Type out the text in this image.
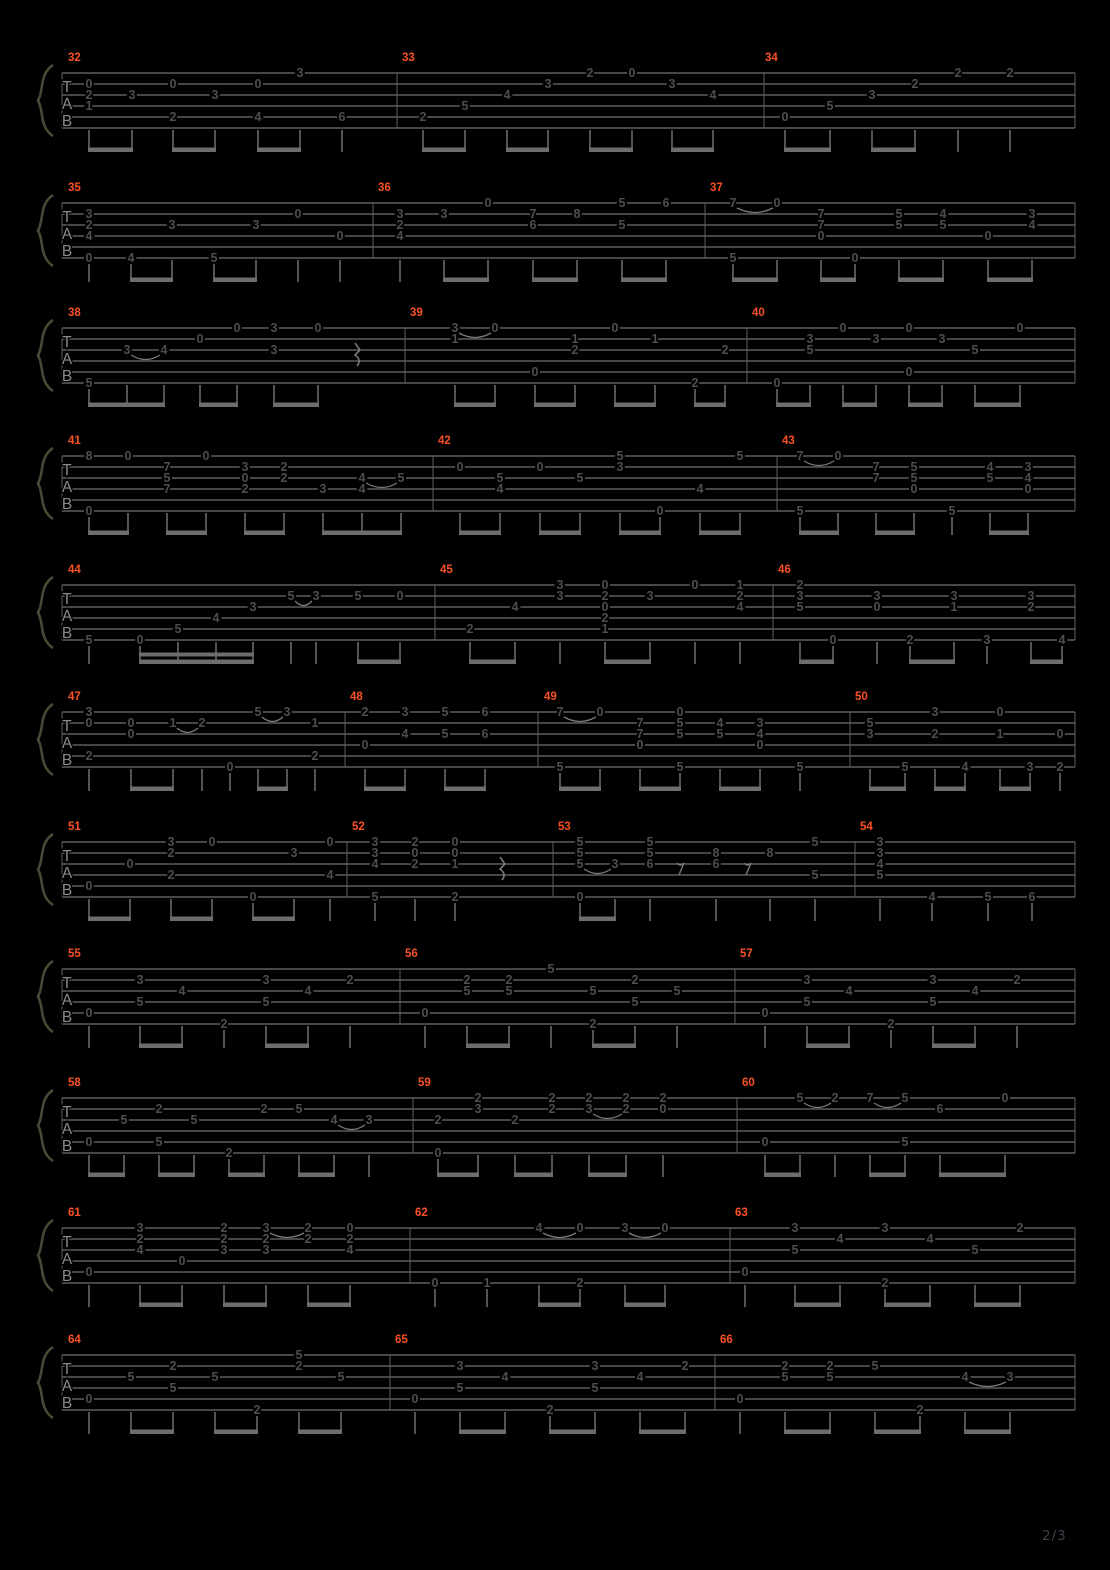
T
A
B
32	33	34
0
2
1
3
0
2
3
0
4
3
6	2
5
4
3
2	0
3
4
0
5
3
2
2	2
T
A
B
35	36	37
3
2
4
0	4
3
5
3
0
0
3
2
4
3
0
7
6
8
5
5
6	7
5
0
7
7
0
0
5
5
4
5
0
3
4
T
A
B
38	39	40
5
3 4
0
0 3
3
0	3
1
0
0
1
2
0
1
2
2
0
3
5
0
3
0
0
3
5
0
T
A
B
41	42	43
8
0
0
7
5
7
0
3
0
2
2
2
3
4
4
5
0
5
4
0
5
5
3
0
4
5	7
5
0
7
7
5
5
0
5
4
5
3
4
0
T
A
B
44	45	46
5	0
5
4
3
5 3	5	0
2
4
3
3
0
2
0
2
1
3
0	1
2
4
2
3
5
0
3
0
2
3
1
3
3
2
4
T
A
B
47	48	49	50
3
0
2
0
0
1 2
0
5 3
1
2
2
0
3
4
5
5
6
6
7
5
0
7
7
0
0
5
5
5
4
5
3
4
0
5
5
3
5
3
2
4
0
1
3
0
2
T
A
B
51	52	53	54
0
0
3
2
2
0
0
3
0
4
3
3
4
5
2
0
2
0
0
1
2
5
5
5
0
3
5
5
6
8
6
8
5
5
3
3
4
5
4	5	6
T
A
B
55	56	57
0
3
5
4
2
3
5
4
2
0
2
5
2
5
5
5
2
2
5
5
0
3
5
4
2
3
5
4
2
T
A
B
58	59	60
0
5
2
5
5
2
2 5
4 3	2
0
2
3
2
2
2
2
3
2
2
2
0
0
5 2 7 5
5
6
0
T
A
B
61	62	63
0
3
2
4
0
2
2
3
3
2
3
2
2
0
2
4
0	1
4	0
2
3	0
0
3
5
4
3
2
4
5
2
T
A
B
64	65	66
0
5
2
5
5
2
5
2
5
0
3
5
4
2
3
5
4
2
0
2
5
2
5
5
2
4	3
2/3
